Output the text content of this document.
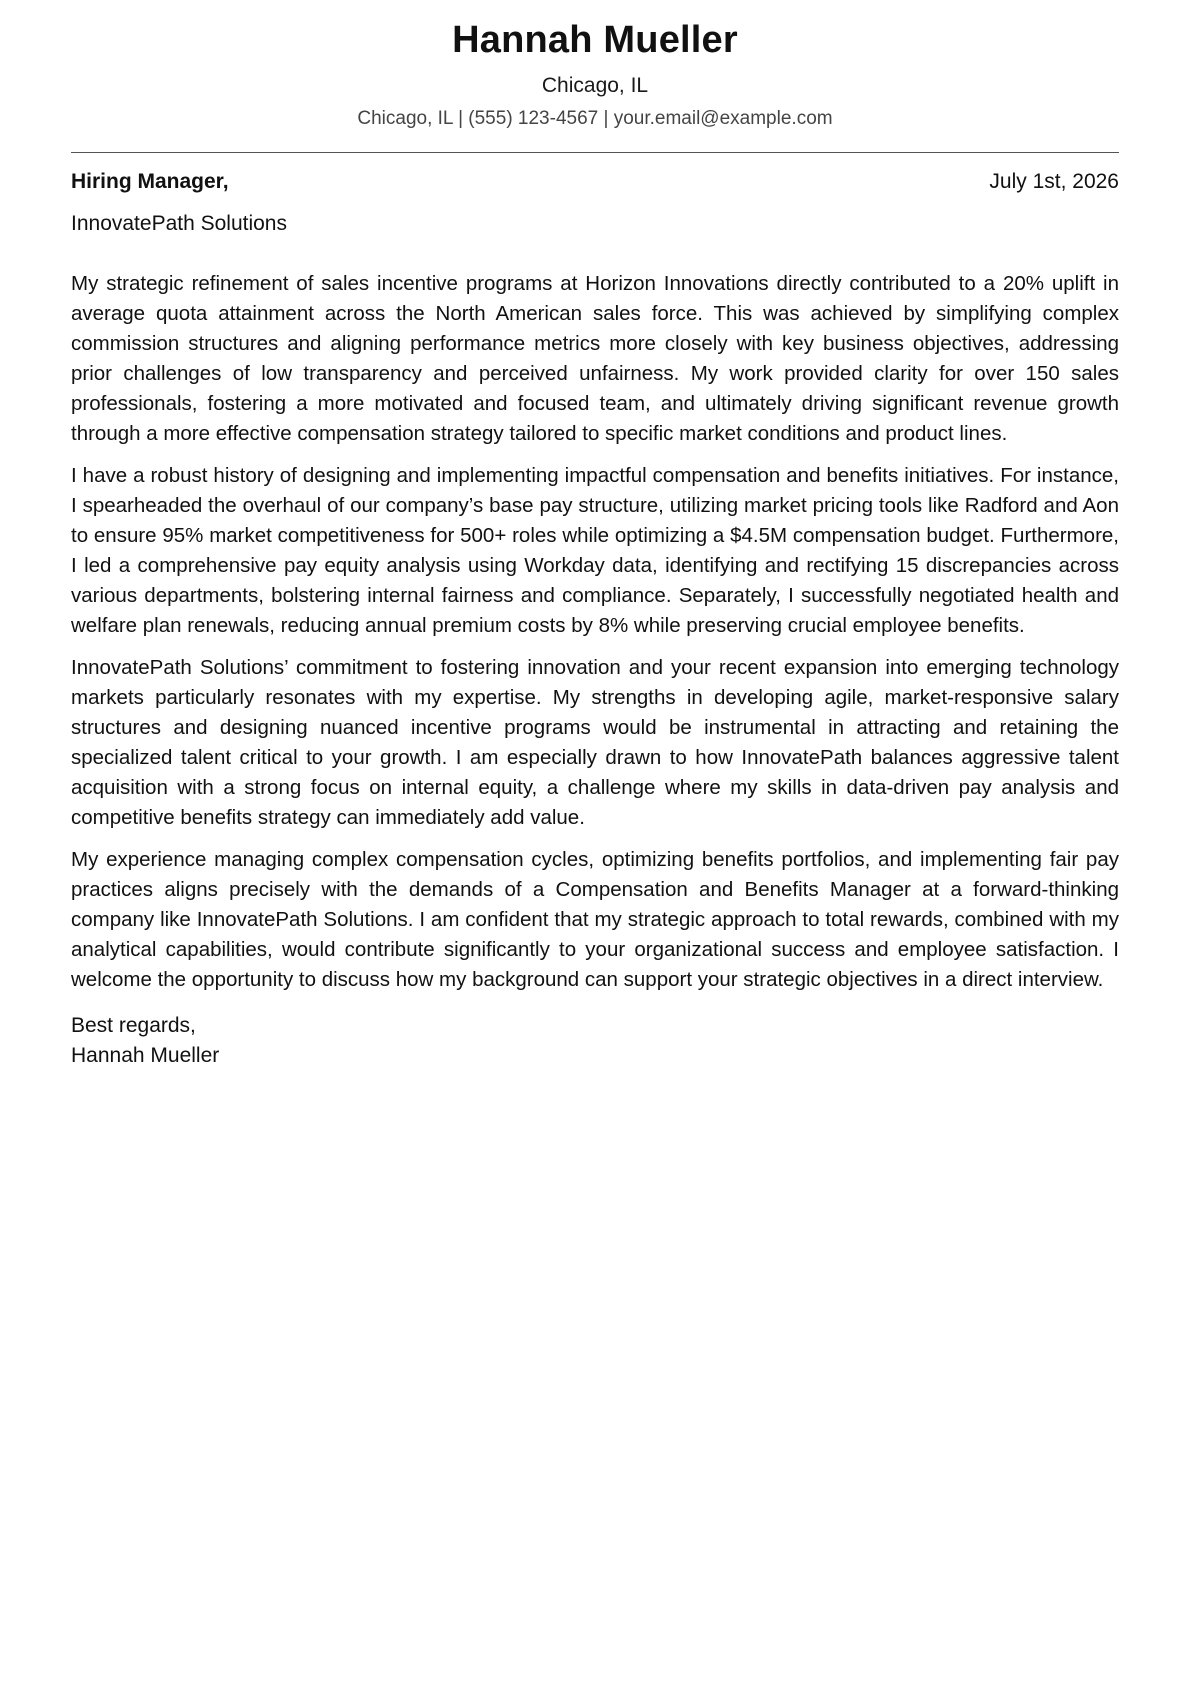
Hannah Mueller
Chicago, IL
Chicago, IL | (555) 123-4567 | your.email@example.com
Hiring Manager,	July 1st, 2026
InnovatePath Solutions

My strategic refinement of sales incentive programs at Horizon Innovations directly contributed to a 20% uplift in average quota attainment across the North American sales force. This was achieved by simplifying complex commission structures and aligning performance metrics more closely with key business objectives, addressing prior challenges of low transparency and perceived unfairness. My work provided clarity for over 150 sales professionals, fostering a more motivated and focused team, and ultimately driving significant revenue growth through a more effective compensation strategy tailored to specific market conditions and product lines.

I have a robust history of designing and implementing impactful compensation and benefits initiatives. For instance, I spearheaded the overhaul of our company’s base pay structure, utilizing market pricing tools like Radford and Aon to ensure 95% market competitiveness for 500+ roles while optimizing a $4.5M compensation budget. Furthermore, I led a comprehensive pay equity analysis using Workday data, identifying and rectifying 15 discrepancies across various departments, bolstering internal fairness and compliance. Separately, I successfully negotiated health and welfare plan renewals, reducing annual premium costs by 8% while preserving crucial employee benefits.

InnovatePath Solutions’ commitment to fostering innovation and your recent expansion into emerging technology markets particularly resonates with my expertise. My strengths in developing agile, market-responsive salary structures and designing nuanced incentive programs would be instrumental in attracting and retaining the specialized talent critical to your growth. I am especially drawn to how InnovatePath balances aggressive talent acquisition with a strong focus on internal equity, a challenge where my skills in data-driven pay analysis and competitive benefits strategy can immediately add value.

My experience managing complex compensation cycles, optimizing benefits portfolios, and implementing fair pay practices aligns precisely with the demands of a Compensation and Benefits Manager at a forward-thinking company like InnovatePath Solutions. I am confident that my strategic approach to total rewards, combined with my analytical capabilities, would contribute significantly to your organizational success and employee satisfaction. I welcome the opportunity to discuss how my background can support your strategic objectives in a direct interview.

Best regards,
Hannah Mueller
